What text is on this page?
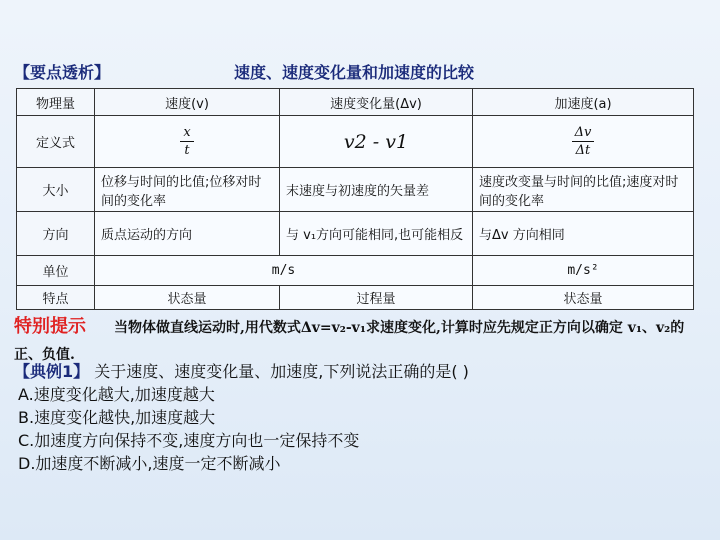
【要点透析】	速度、速度变化量和加速度的比较
物理量	速度(v)	速度变化量(Δv)	加速度(a)
定义式	$\frac{x}{t}$	v2 - v1	$\frac{\Delta v}{\Delta t}$

大小	位移与时间的比值;位移对时间的变化率	末速度与初速度的矢量差	速度改变量与时间的比值;速度对时间的变化率
方向	质点运动的方向	与 v₁方向可能相同,也可能相反	与Δv 方向相同
单位	m/s		m/s²
特点	状态量	过程量	状态量
特别提示 当物体做直线运动时,用代数式Δv=v₂-v₁求速度变化,计算时应先规定正方向以确定 v₁、v₂的正、负值.
【典例1】 关于速度、速度变化量、加速度,下列说法正确的是( )
A.速度变化越大,加速度越大
B.速度变化越快,加速度越大
C.加速度方向保持不变,速度方向也一定保持不变
D.加速度不断减小,速度一定不断减小
